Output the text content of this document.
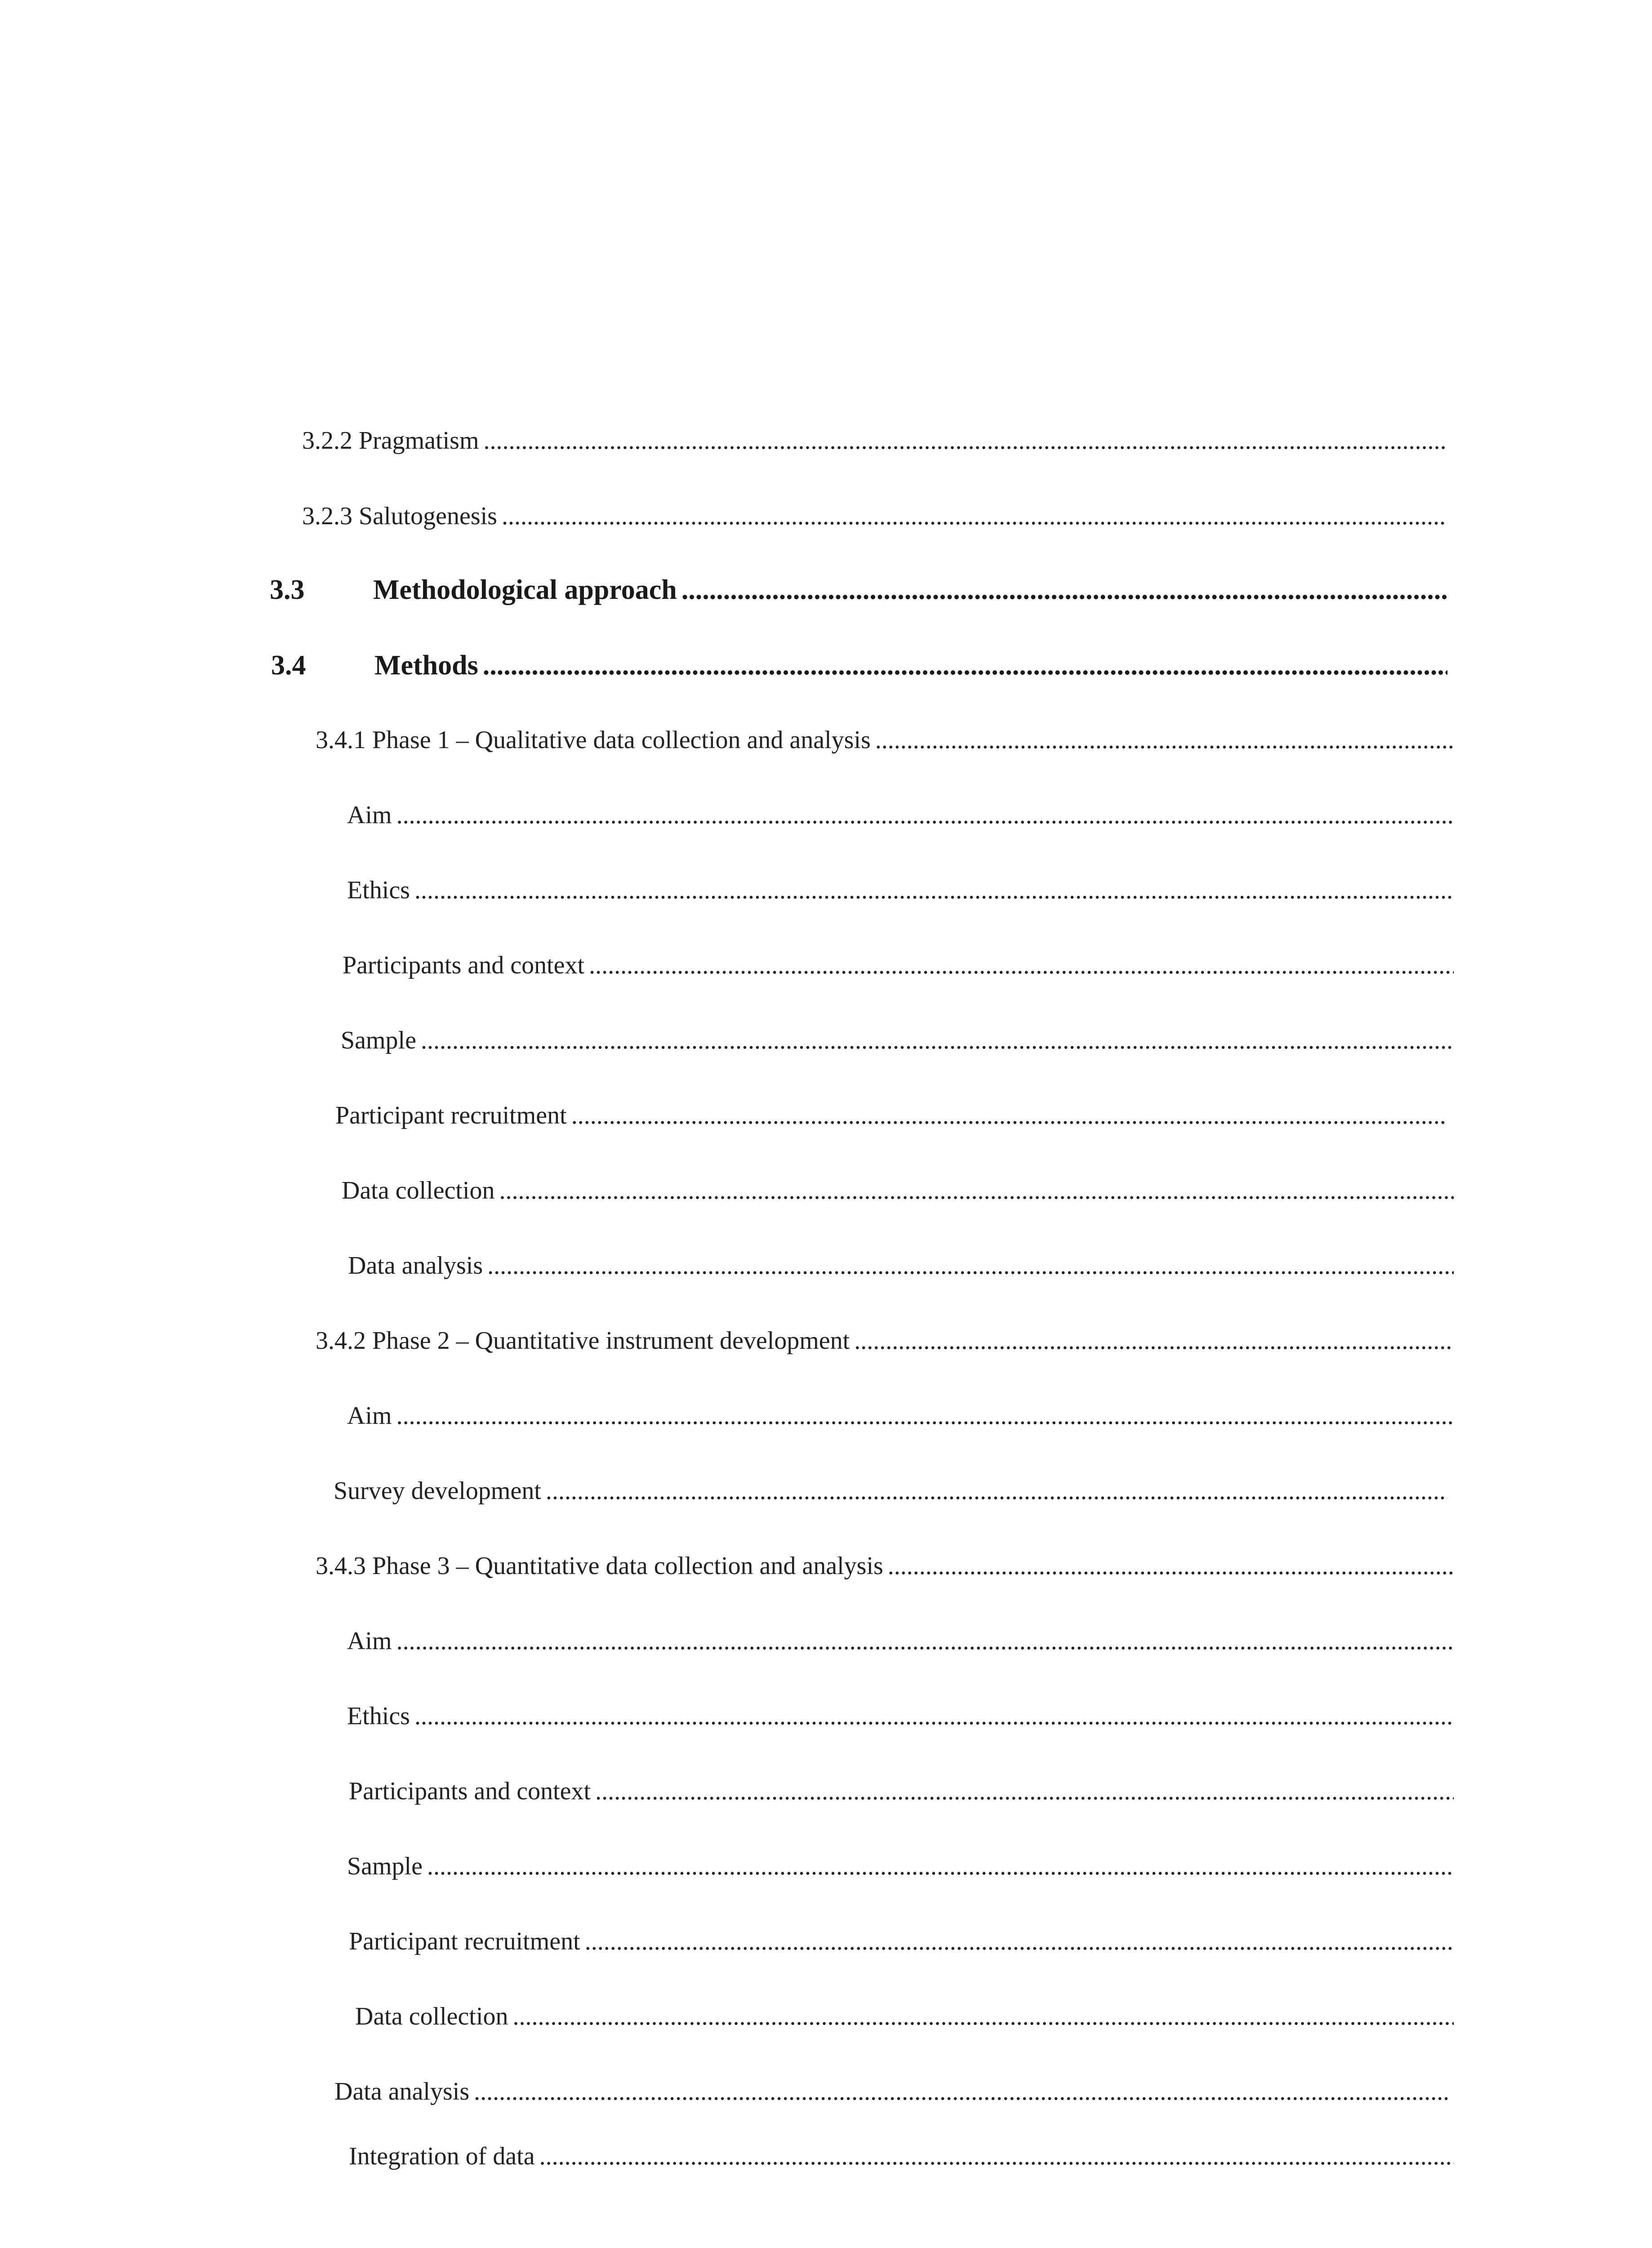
3.2.2 Pragmatism
.....
3.2.3 Salutogenesis
.....
3.3 Methodological approach
.....
3.4 Methods
.....
3.4.1 Phase 1 – Qualitative data collection and analysis
.....
Aim
.....
Ethics
.....
Participants and context
.....
Sample
.....
Participant recruitment
.....
Data collection
.....
Data analysis
.....
3.4.2 Phase 2 – Quantitative instrument development
.....
Aim
.....
Survey development
.....
3.4.3 Phase 3 – Quantitative data collection and analysis
.....
Aim
.....
Ethics
.....
Participants and context
.....
Sample
.....
Participant recruitment
.....
Data collection
.....
Data analysis
.....
Integration of data
.....
